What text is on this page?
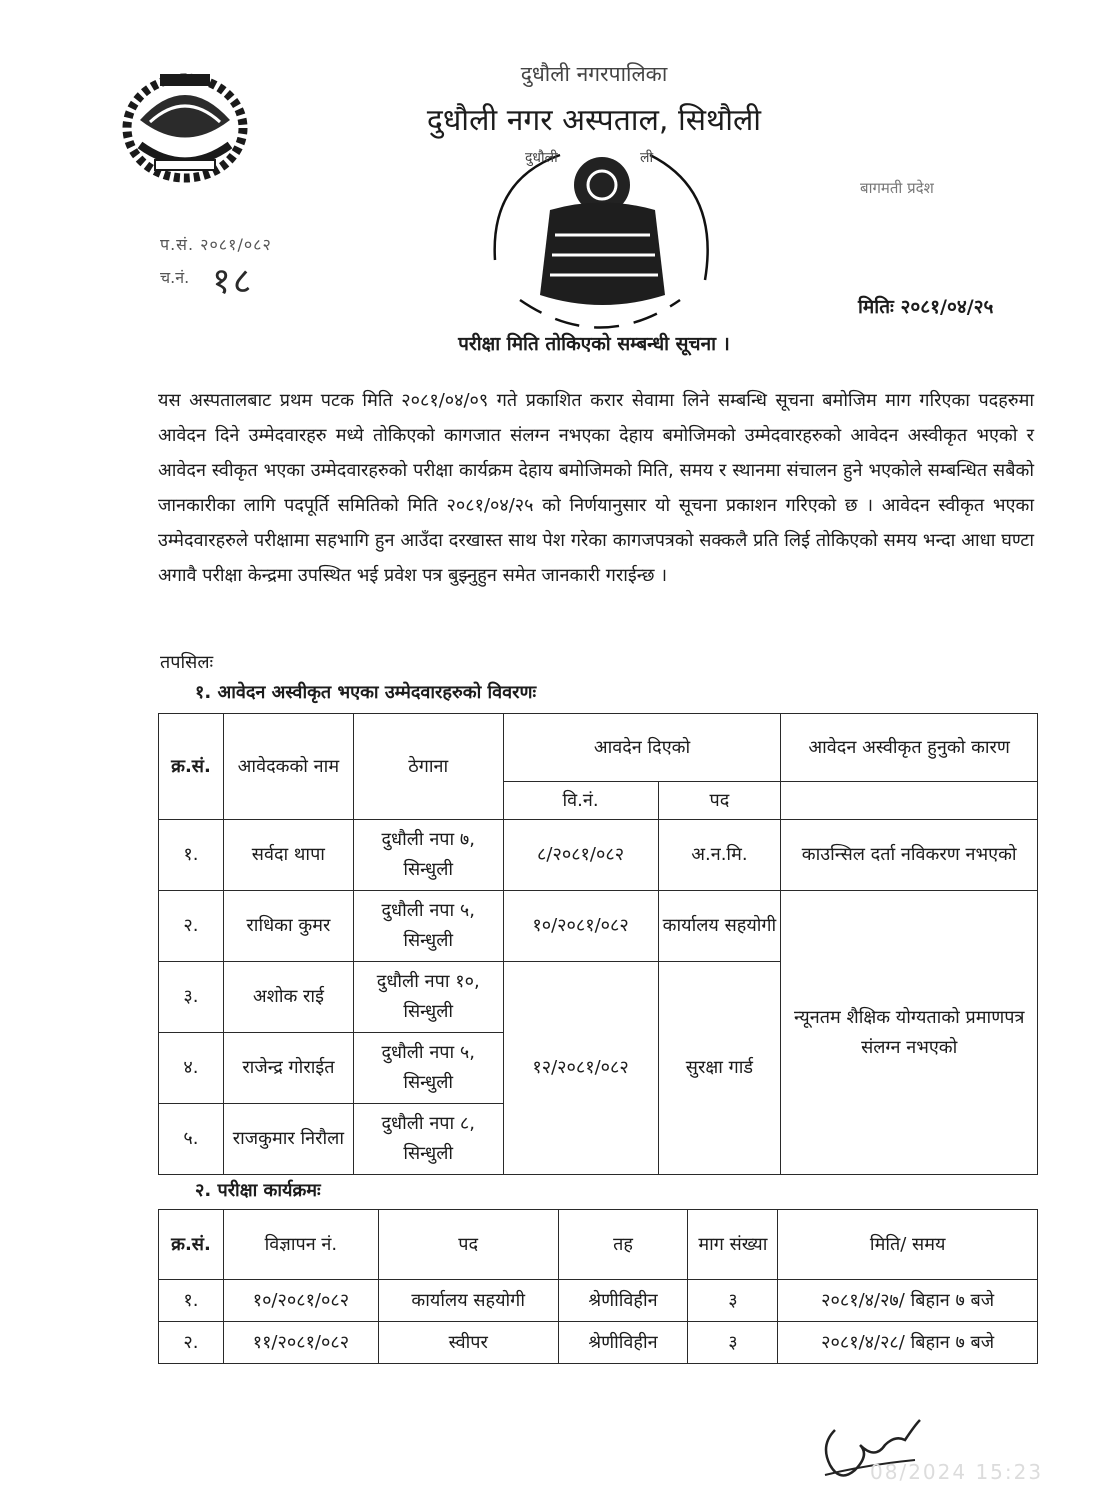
दुधौली नगरपालिका
दुधौली नगर अस्पताल, सिथौली
बागमती प्रदेश
दुधौली	ली
प.सं. २०८१/०८२
च.नं. १८
मितिः २०८१/०४/२५
परीक्षा मिति तोकिएको सम्बन्धी सूचना ।
यस अस्पतालबाट प्रथम पटक मिति २०८१/०४/०९ गते प्रकाशित करार सेवामा लिने सम्बन्धि सूचना बमोजिम माग गरिएका पदहरुमा आवेदन दिने उम्मेदवारहरु मध्ये तोकिएको कागजात संलग्न नभएका देहाय बमोजिमको उम्मेदवारहरुको आवेदन अस्वीकृत भएको र आवेदन स्वीकृत भएका उम्मेदवारहरुको परीक्षा कार्यक्रम देहाय बमोजिमको मिति, समय र स्थानमा संचालन हुने भएकोले सम्बन्धित सबैको जानकारीका लागि पदपूर्ति समितिको मिति २०८१/०४/२५ को निर्णयानुसार यो सूचना प्रकाशन गरिएको छ । आवेदन स्वीकृत भएका उम्मेदवारहरुले परीक्षामा सहभागि हुन आउँदा दरखास्त साथ पेश गरेका कागजपत्रको सक्कलै प्रति लिई तोकिएको समय भन्दा आधा घण्टा अगावै परीक्षा केन्द्रमा उपस्थित भई प्रवेश पत्र बुझ्नुहुन समेत जानकारी गराईन्छ ।
तपसिलः
१. आवेदन अस्वीकृत भएका उम्मेदवारहरुको विवरणः
क्र.सं.	आवेदकको नाम	ठेगाना	आवदेन दिएको		आवेदन अस्वीकृत हुनुको कारण
			वि.नं.	पद	
१.	सर्वदा थापा	दुधौली नपा ७, सिन्धुली	८/२०८१/०८२	अ.न.मि.	काउन्सिल दर्ता नविकरण नभएको
२.	राधिका कुमर	दुधौली नपा ५, सिन्धुली	१०/२०८१/०८२	कार्यालय सहयोगी	न्यूनतम शैक्षिक योग्यताको प्रमाणपत्र संलग्न नभएको
३.	अशोक राई	दुधौली नपा १०, सिन्धुली	१२/२०८१/०८२	सुरक्षा गार्ड	
४.	राजेन्द्र गोराईत	दुधौली नपा ५, सिन्धुली			
५.	राजकुमार निरौला	दुधौली नपा ८, सिन्धुली			
२. परीक्षा कार्यक्रमः
क्र.सं.	विज्ञापन नं.	पद	तह	माग संख्या	मिति/ समय
१.	१०/२०८१/०८२	कार्यालय सहयोगी	श्रेणीविहीन	३	२०८१/४/२७/ बिहान ७ बजे
२.	११/२०८१/०८२	स्वीपर	श्रेणीविहीन	३	२०८१/४/२८/ बिहान ७ बजे
08/2024 15:23
